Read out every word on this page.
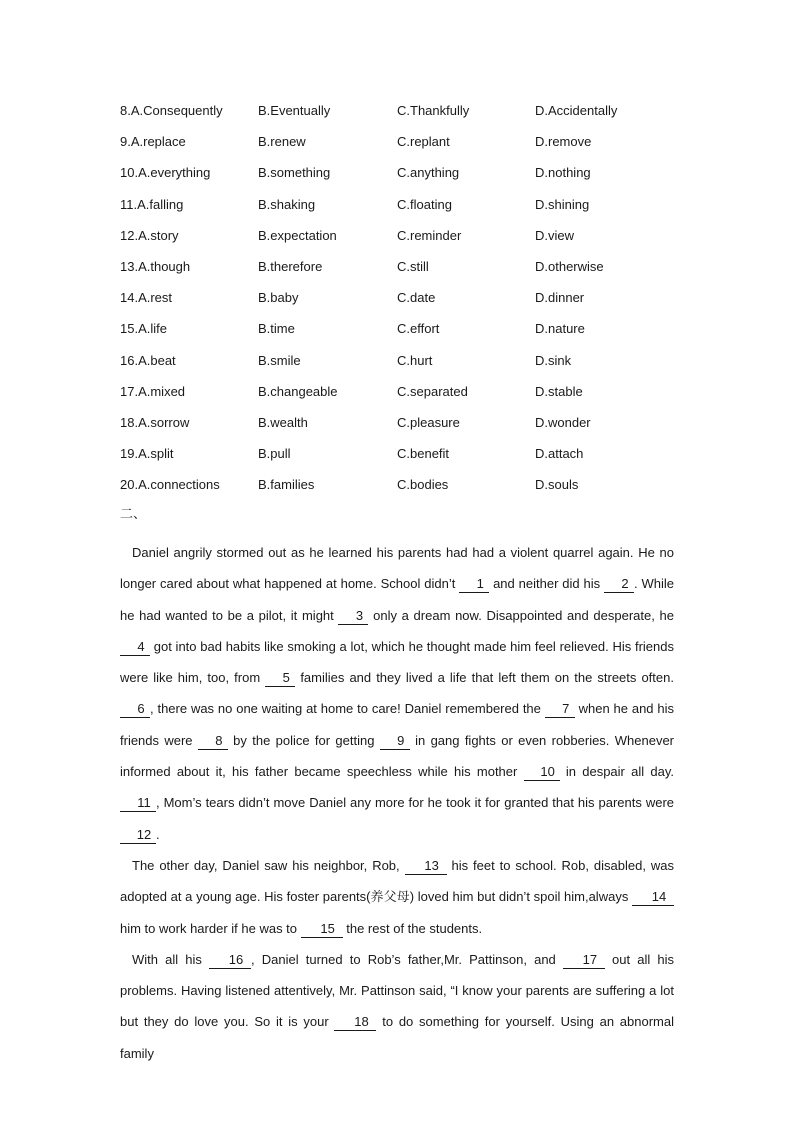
8.A.Consequently	B.Eventually	C.Thankfully	D.Accidentally
9.A.replace	B.renew	C.replant	D.remove
10.A.everything	B.something	C.anything	D.nothing
11.A.falling	B.shaking	C.floating	D.shining
12.A.story	B.expectation	C.reminder	D.view
13.A.though	B.therefore	C.still	D.otherwise
14.A.rest	B.baby	C.date	D.dinner
15.A.life	B.time	C.effort	D.nature
16.A.beat	B.smile	C.hurt	D.sink
17.A.mixed	B.changeable	C.separated	D.stable
18.A.sorrow	B.wealth	C.pleasure	D.wonder
19.A.split	B.pull	C.benefit	D.attach
20.A.connections	B.families	C.bodies	D.souls
二、

Daniel angrily stormed out as he learned his parents had had a violent quarrel again. He no longer cared about what happened at home. School didn’t 1 and neither did his 2 . While he had wanted to be a pilot, it might 3 only a dream now. Disappointed and desperate, he 4 got into bad habits like smoking a lot, which he thought made him feel relieved. His friends were like him, too, from 5 families and they lived a life that left them on the streets often. 6 , there was no one waiting at home to care! Daniel remembered the 7 when he and his friends were 8 by the police for getting 9 in gang fights or even robberies. Whenever informed about it, his father became speechless while his mother 10 in despair all day. 11 , Mom’s tears didn’t move Daniel any more for he took it for granted that his parents were 12 .

The other day, Daniel saw his neighbor, Rob, 13 his feet to school. Rob, disabled, was adopted at a young age. His foster parents(养父母) loved him but didn’t spoil him,always 14 him to work harder if he was to 15 the rest of the students.

With all his 16 , Daniel turned to Rob’s father,Mr. Pattinson, and 17 out all his problems. Having listened attentively, Mr. Pattinson said, “I know your parents are suffering a lot but they do love you. So it is your 18 to do something for yourself. Using an abnormal family
